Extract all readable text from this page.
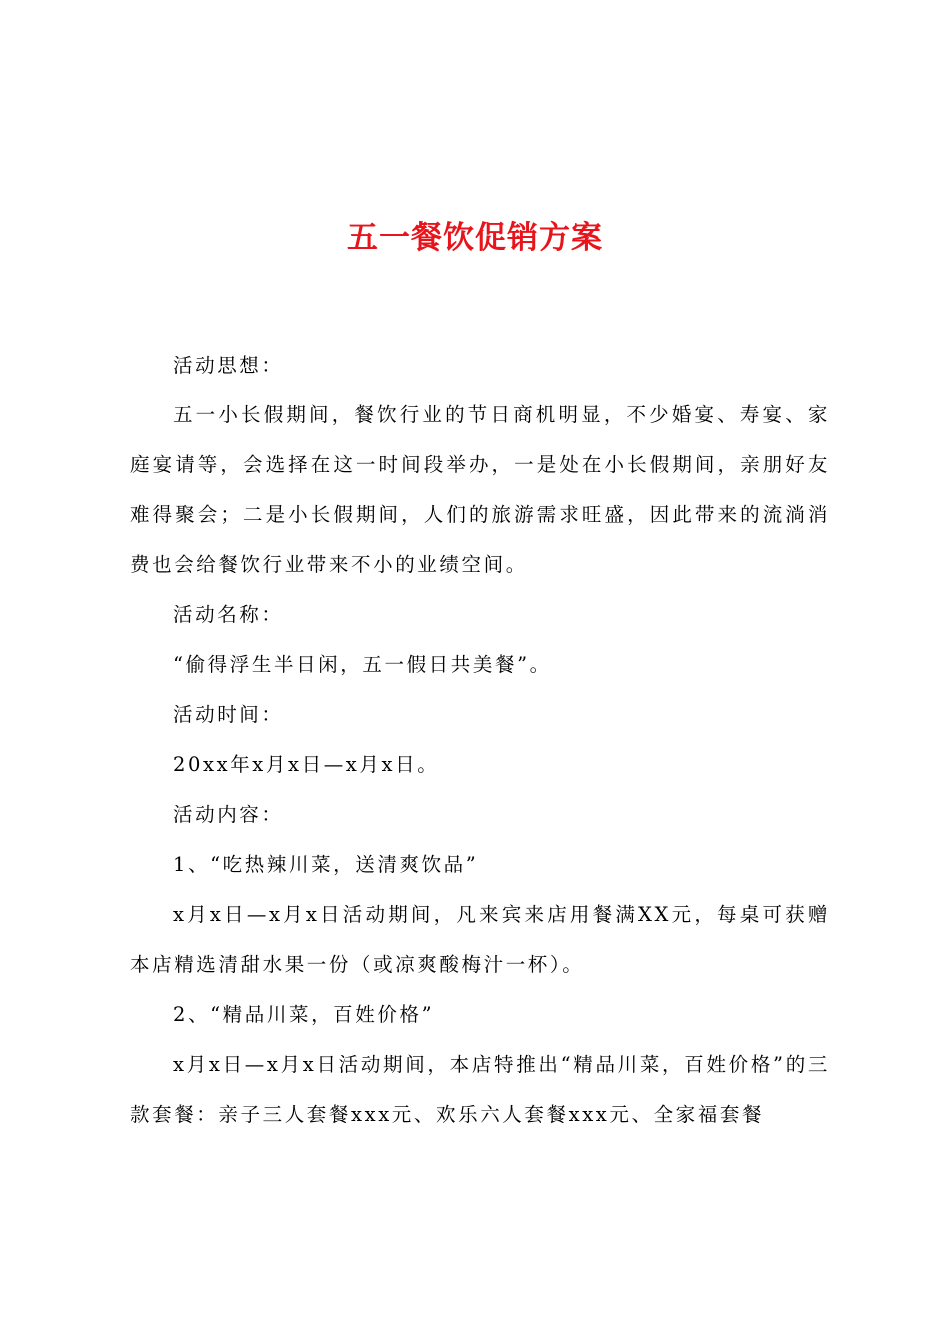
五一餐饮促销方案
活动思想：
五一小长假期间，餐饮行业的节日商机明显，不少婚宴、寿宴、家庭宴请等，会选择在这一时间段举办，一是处在小长假期间，亲朋好友难得聚会；二是小长假期间，人们的旅游需求旺盛，因此带来的流淌消费也会给餐饮行业带来不小的业绩空间。
活动名称：
“偷得浮生半日闲，五一假日共美餐”。
活动时间：
20xx年x月x日—x月x日。
活动内容：
1、“吃热辣川菜，送清爽饮品”
x月x日—x月x日活动期间，凡来宾来店用餐满XX元，每桌可获赠本店精选清甜水果一份（或凉爽酸梅汁一杯）。
2、“精品川菜，百姓价格”
x月x日—x月x日活动期间，本店特推出“精品川菜，百姓价格”的三款套餐：亲子三人套餐xxx元、欢乐六人套餐xxx元、全家福套餐
